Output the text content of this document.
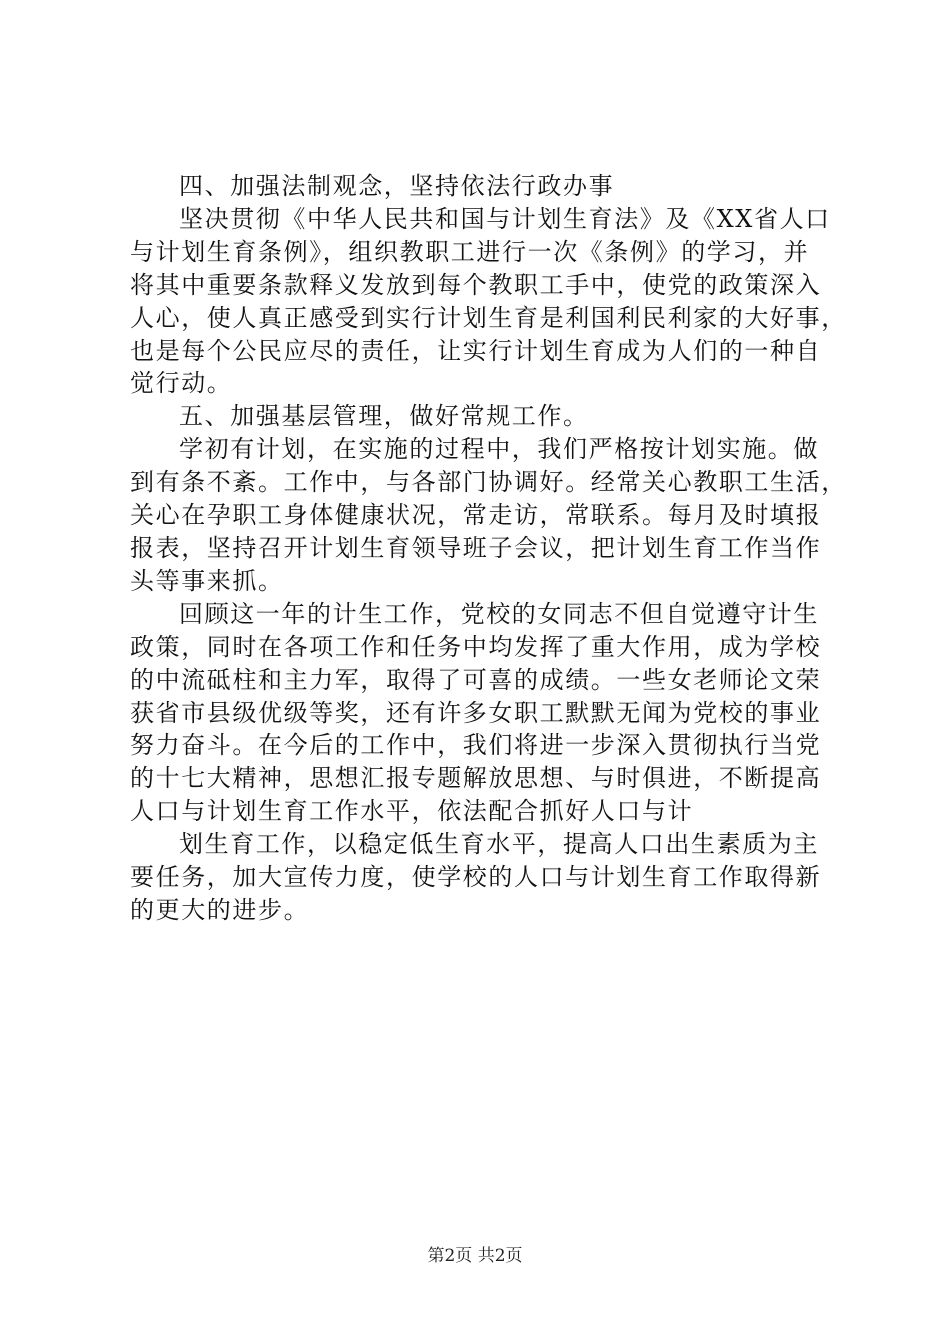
四、加强法制观念，坚持依法行政办事
坚决贯彻《中华人民共和国与计划生育法》及《XX省人口
与计划生育条例》，组织教职工进行一次《条例》的学习，并
将其中重要条款释义发放到每个教职工手中，使党的政策深入
人心，使人真正感受到实行计划生育是利国利民利家的大好事，
也是每个公民应尽的责任，让实行计划生育成为人们的一种自
觉行动。
五、加强基层管理，做好常规工作。
学初有计划，在实施的过程中，我们严格按计划实施。做
到有条不紊。工作中，与各部门协调好。经常关心教职工生活，
关心在孕职工身体健康状况，常走访，常联系。每月及时填报
报表，坚持召开计划生育领导班子会议，把计划生育工作当作
头等事来抓。
回顾这一年的计生工作，党校的女同志不但自觉遵守计生
政策，同时在各项工作和任务中均发挥了重大作用，成为学校
的中流砥柱和主力军，取得了可喜的成绩。一些女老师论文荣
获省市县级优级等奖，还有许多女职工默默无闻为党校的事业
努力奋斗。在今后的工作中，我们将进一步深入贯彻执行当党
的十七大精神，思想汇报专题解放思想、与时俱进，不断提高
人口与计划生育工作水平，依法配合抓好人口与计
划生育工作，以稳定低生育水平，提高人口出生素质为主
要任务，加大宣传力度，使学校的人口与计划生育工作取得新
的更大的进步。
第2页 共2页
